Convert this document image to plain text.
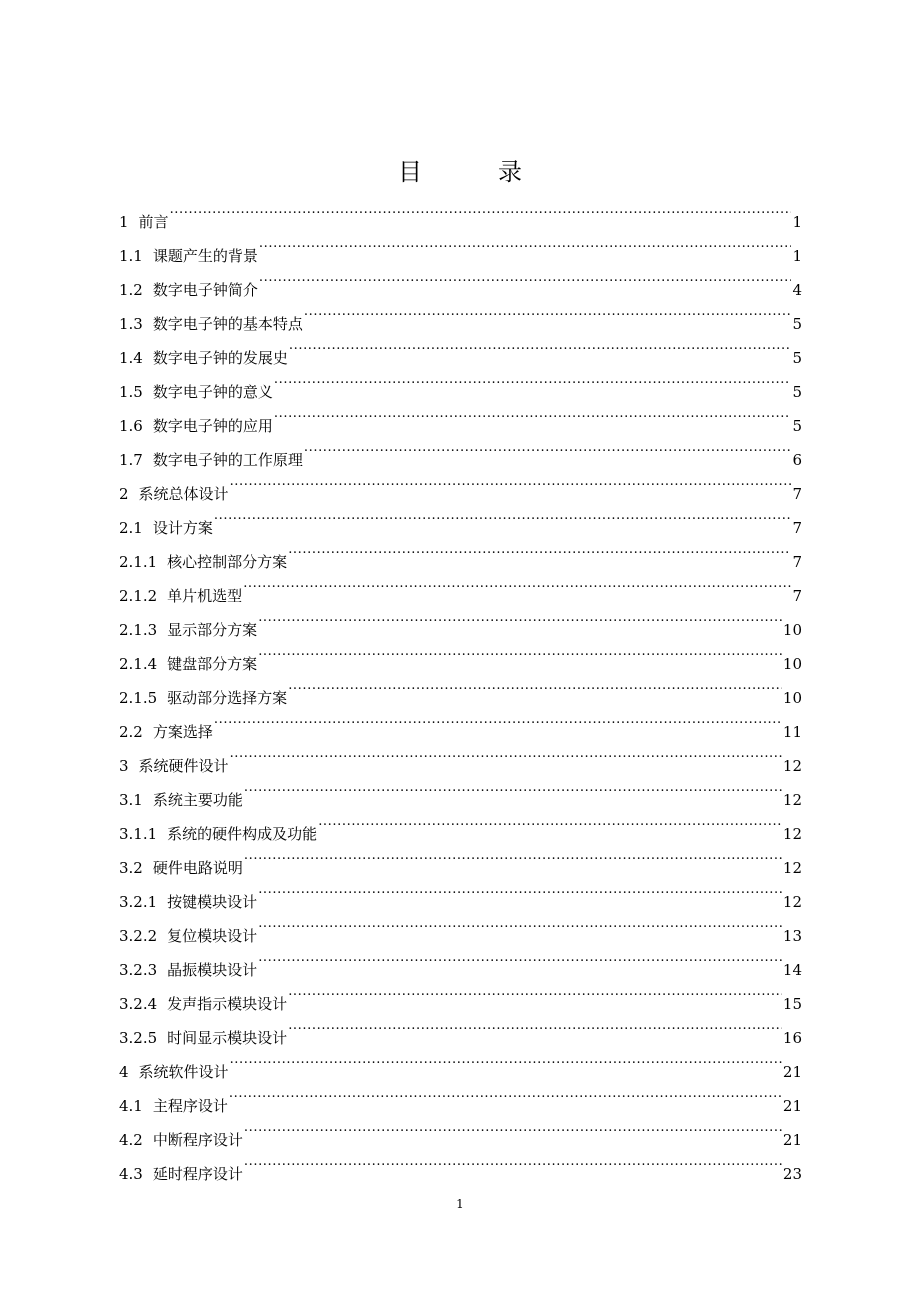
目　录
1 前言 .....	1
1.1 课题产生的背景 .....	1
1.2 数字电子钟简介 .....	4
1.3 数字电子钟的基本特点 .....	5
1.4 数字电子钟的发展史 .....	5
1.5 数字电子钟的意义 .....	5
1.6 数字电子钟的应用 .....	5
1.7 数字电子钟的工作原理 .....	6
2 系统总体设计 .....	7
2.1 设计方案 .....	7
2.1.1 核心控制部分方案 .....	7
2.1.2 单片机选型 .....	7
2.1.3 显示部分方案 .....	10
2.1.4 键盘部分方案 .....	10
2.1.5 驱动部分选择方案 .....	10
2.2 方案选择 .....	11
3 系统硬件设计 .....	12
3.1 系统主要功能 .....	12
3.1.1 系统的硬件构成及功能 .....	12
3.2 硬件电路说明 .....	12
3.2.1 按键模块设计 .....	12
3.2.2 复位模块设计 .....	13
3.2.3 晶振模块设计 .....	14
3.2.4 发声指示模块设计 .....	15
3.2.5 时间显示模块设计 .....	16
4 系统软件设计 .....	21
4.1 主程序设计 .....	21
4.2 中断程序设计 .....	21
4.3 延时程序设计 .....	23
1
